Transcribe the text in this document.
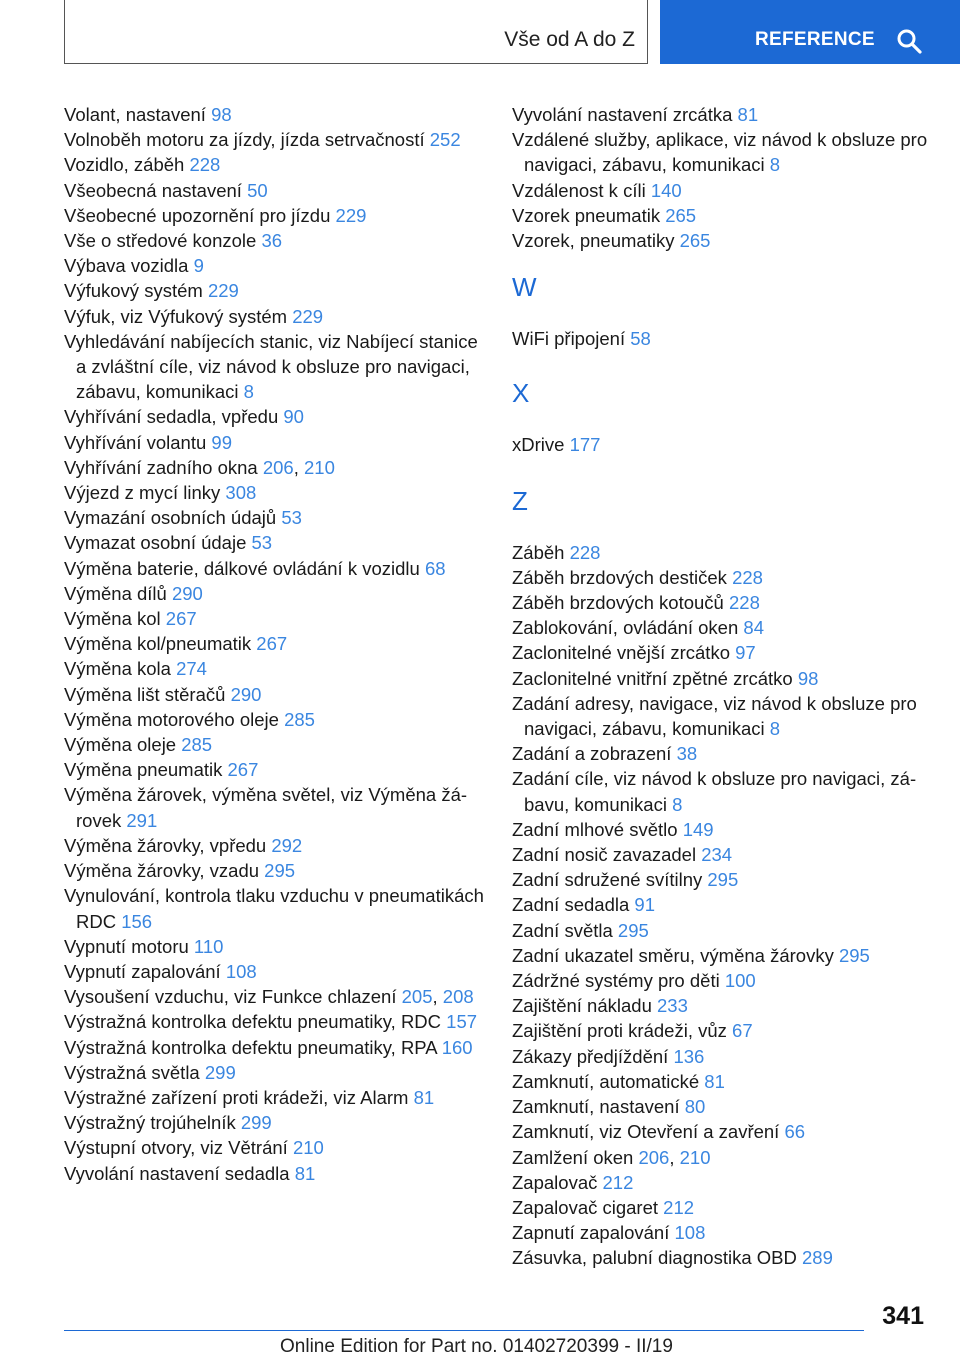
Vše od A do Z	REFERENCE
Volant, nastavení 98
Volnoběh motoru za jízdy, jízda setrvačností 252
Vozidlo, záběh 228
Všeobecná nastavení 50
Všeobecné upozornění pro jízdu 229
Vše o středové konzole 36
Výbava vozidla 9
Výfukový systém 229
Výfuk, viz Výfukový systém 229
Vyhledávání nabíjecích stanic, viz Nabíjecí stanice a zvláštní cíle, viz návod k obsluze pro navigaci, zábavu, komunikaci 8
Vyhřívání sedadla, vpředu 90
Vyhřívání volantu 99
Vyhřívání zadního okna 206, 210
Výjezd z mycí linky 308
Vymazání osobních údajů 53
Vymazat osobní údaje 53
Výměna baterie, dálkové ovládání k vozidlu 68
Výměna dílů 290
Výměna kol 267
Výměna kol/pneumatik 267
Výměna kola 274
Výměna lišt stěračů 290
Výměna motorového oleje 285
Výměna oleje 285
Výměna pneumatik 267
Výměna žárovek, výměna světel, viz Výměna žárovek 291
Výměna žárovky, vpředu 292
Výměna žárovky, vzadu 295
Vynulování, kontrola tlaku vzduchu v pneumatikách RDC 156
Vypnutí motoru 110
Vypnutí zapalování 108
Vysoušení vzduchu, viz Funkce chlazení 205, 208
Výstražná kontrolka defektu pneumatiky, RDC 157
Výstražná kontrolka defektu pneumatiky, RPA 160
Výstražná světla 299
Výstražné zařízení proti krádeži, viz Alarm 81
Výstražný trojúhelník 299
Výstupní otvory, viz Větrání 210
Vyvolání nastavení sedadla 81
Vyvolání nastavení zrcátka 81
Vzdálené služby, aplikace, viz návod k obsluze pro navigaci, zábavu, komunikaci 8
Vzdálenost k cíli 140
Vzorek pneumatik 265
Vzorek, pneumatiky 265
W
WiFi připojení 58
X
xDrive 177
Z
Záběh 228
Záběh brzdových destiček 228
Záběh brzdových kotoučů 228
Zablokování, ovládání oken 84
Zaclonitelné vnější zrcátko 97
Zaclonitelné vnitřní zpětné zrcátko 98
Zadání adresy, navigace, viz návod k obsluze pro navigaci, zábavu, komunikaci 8
Zadání a zobrazení 38
Zadání cíle, viz návod k obsluze pro navigaci, zábavu, komunikaci 8
Zadní mlhové světlo 149
Zadní nosič zavazadel 234
Zadní sdružené svítilny 295
Zadní sedadla 91
Zadní světla 295
Zadní ukazatel směru, výměna žárovky 295
Zádržné systémy pro děti 100
Zajištění nákladu 233
Zajištění proti krádeži, vůz 67
Zákazy předjíždění 136
Zamknutí, automatické 81
Zamknutí, nastavení 80
Zamknutí, viz Otevření a zavření 66
Zamlžení oken 206, 210
Zapalovač 212
Zapalovač cigaret 212
Zapnutí zapalování 108
Zásuvka, palubní diagnostika OBD 289
341
Online Edition for Part no. 01402720399 - II/19
